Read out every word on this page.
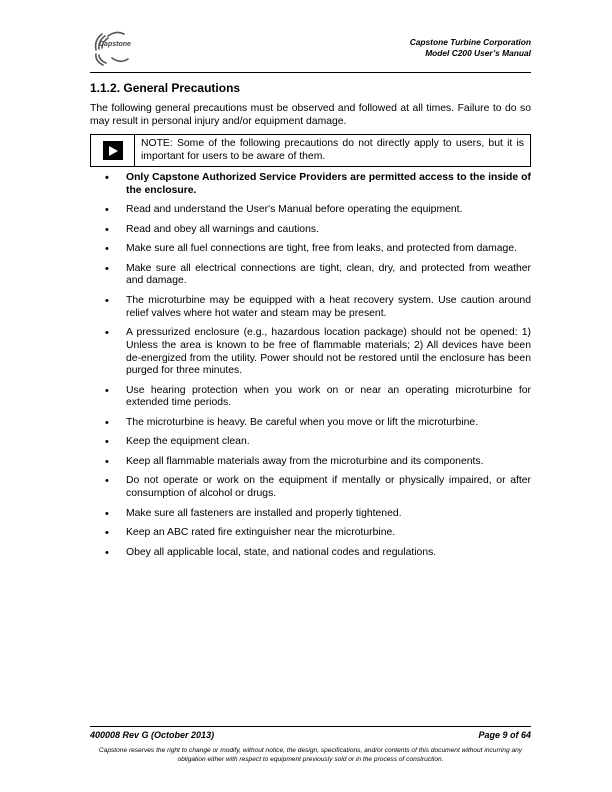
Capstone	Capstone Turbine Corporation
Model C200 User’s Manual
1.1.2. General Precautions

The following general precautions must be observed and followed at all times. Failure to do so may result in personal injury and/or equipment damage.

NOTE: Some of the following precautions do not directly apply to users, but it is important for users to be aware of them.
• Only Capstone Authorized Service Providers are permitted access to the inside of the enclosure.
• Read and understand the User's Manual before operating the equipment.
• Read and obey all warnings and cautions.
• Make sure all fuel connections are tight, free from leaks, and protected from damage.
• Make sure all electrical connections are tight, clean, dry, and protected from weather and damage.
• The microturbine may be equipped with a heat recovery system. Use caution around relief valves where hot water and steam may be present.
• A pressurized enclosure (e.g., hazardous location package) should not be opened: 1) Unless the area is known to be free of flammable materials; 2) All devices have been de-energized from the utility. Power should not be restored until the enclosure has been purged for three minutes.
• Use hearing protection when you work on or near an operating microturbine for extended time periods.
• The microturbine is heavy. Be careful when you move or lift the microturbine.
• Keep the equipment clean.
• Keep all flammable materials away from the microturbine and its components.
• Do not operate or work on the equipment if mentally or physically impaired, or after consumption of alcohol or drugs.
• Make sure all fasteners are installed and properly tightened.
• Keep an ABC rated fire extinguisher near the microturbine.
• Obey all applicable local, state, and national codes and regulations.
400008 Rev G (October 2013)	Page 9 of 64
Capstone reserves the right to change or modify, without notice, the design, specifications, and/or contents of this document without incurring any obligation either with respect to equipment previously sold or in the process of construction.
